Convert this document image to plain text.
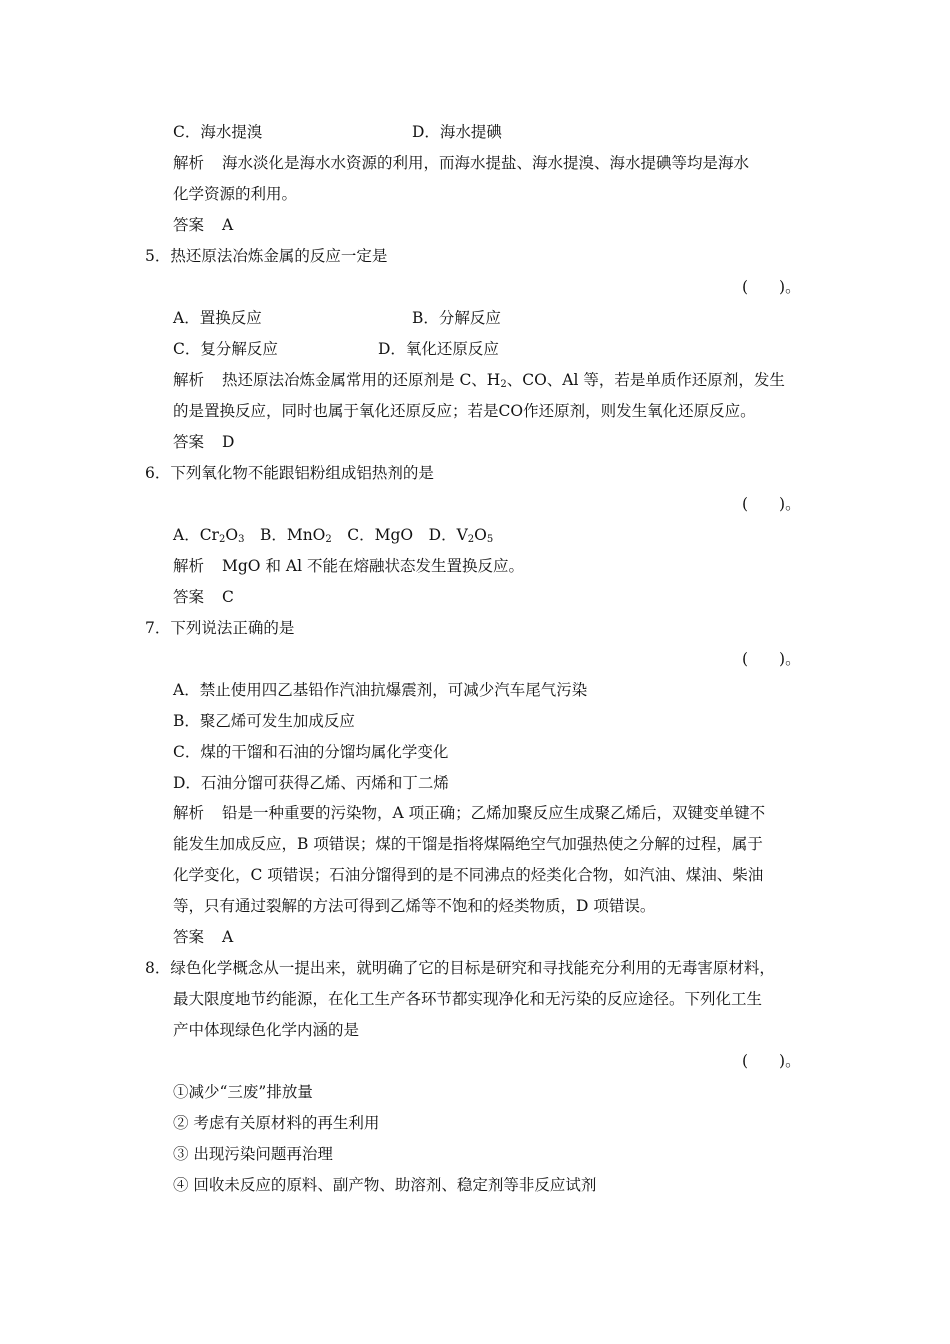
C．海水提溴	D．海水提碘
解析 海水淡化是海水水资源的利用，而海水提盐、海水提溴、海水提碘等均是海水
化学资源的利用。
答案 A
5．热还原法冶炼金属的反应一定是
(　　)。
A．置换反应	B．分解反应
C．复分解反应	D．氧化还原反应
解析 热还原法冶炼金属常用的还原剂是 C、$H_2$、CO、Al 等，若是单质作还原剂，发生
的是置换反应，同时也属于氧化还原反应；若是CO作还原剂，则发生氧化还原反应。
答案 D
6．下列氧化物不能跟铝粉组成铝热剂的是
(　　)。
A．$Cr_2O_3$　B．MnO$_2$　C．MgO　D．$V_2O_5$
解析 MgO 和 Al 不能在熔融状态发生置换反应。
答案 C
7．下列说法正确的是
(　　)。
A．禁止使用四乙基铅作汽油抗爆震剂，可减少汽车尾气污染
B．聚乙烯可发生加成反应
C．煤的干馏和石油的分馏均属化学变化
D．石油分馏可获得乙烯、丙烯和丁二烯
解析 铅是一种重要的污染物，A 项正确；乙烯加聚反应生成聚乙烯后，双键变单键不
能发生加成反应，B 项错误；煤的干馏是指将煤隔绝空气加强热使之分解的过程，属于
化学变化，C 项错误；石油分馏得到的是不同沸点的烃类化合物，如汽油、煤油、柴油
等，只有通过裂解的方法可得到乙烯等不饱和的烃类物质，D 项错误。
答案 A
8．绿色化学概念从一提出来，就明确了它的目标是研究和寻找能充分利用的无毒害原材料，
最大限度地节约能源，在化工生产各环节都实现净化和无污染的反应途径。下列化工生
产中体现绿色化学内涵的是
(　　)。
①减少“三废”排放量
② 考虑有关原材料的再生利用
③ 出现污染问题再治理
④ 回收未反应的原料、副产物、助溶剂、稳定剂等非反应试剂
